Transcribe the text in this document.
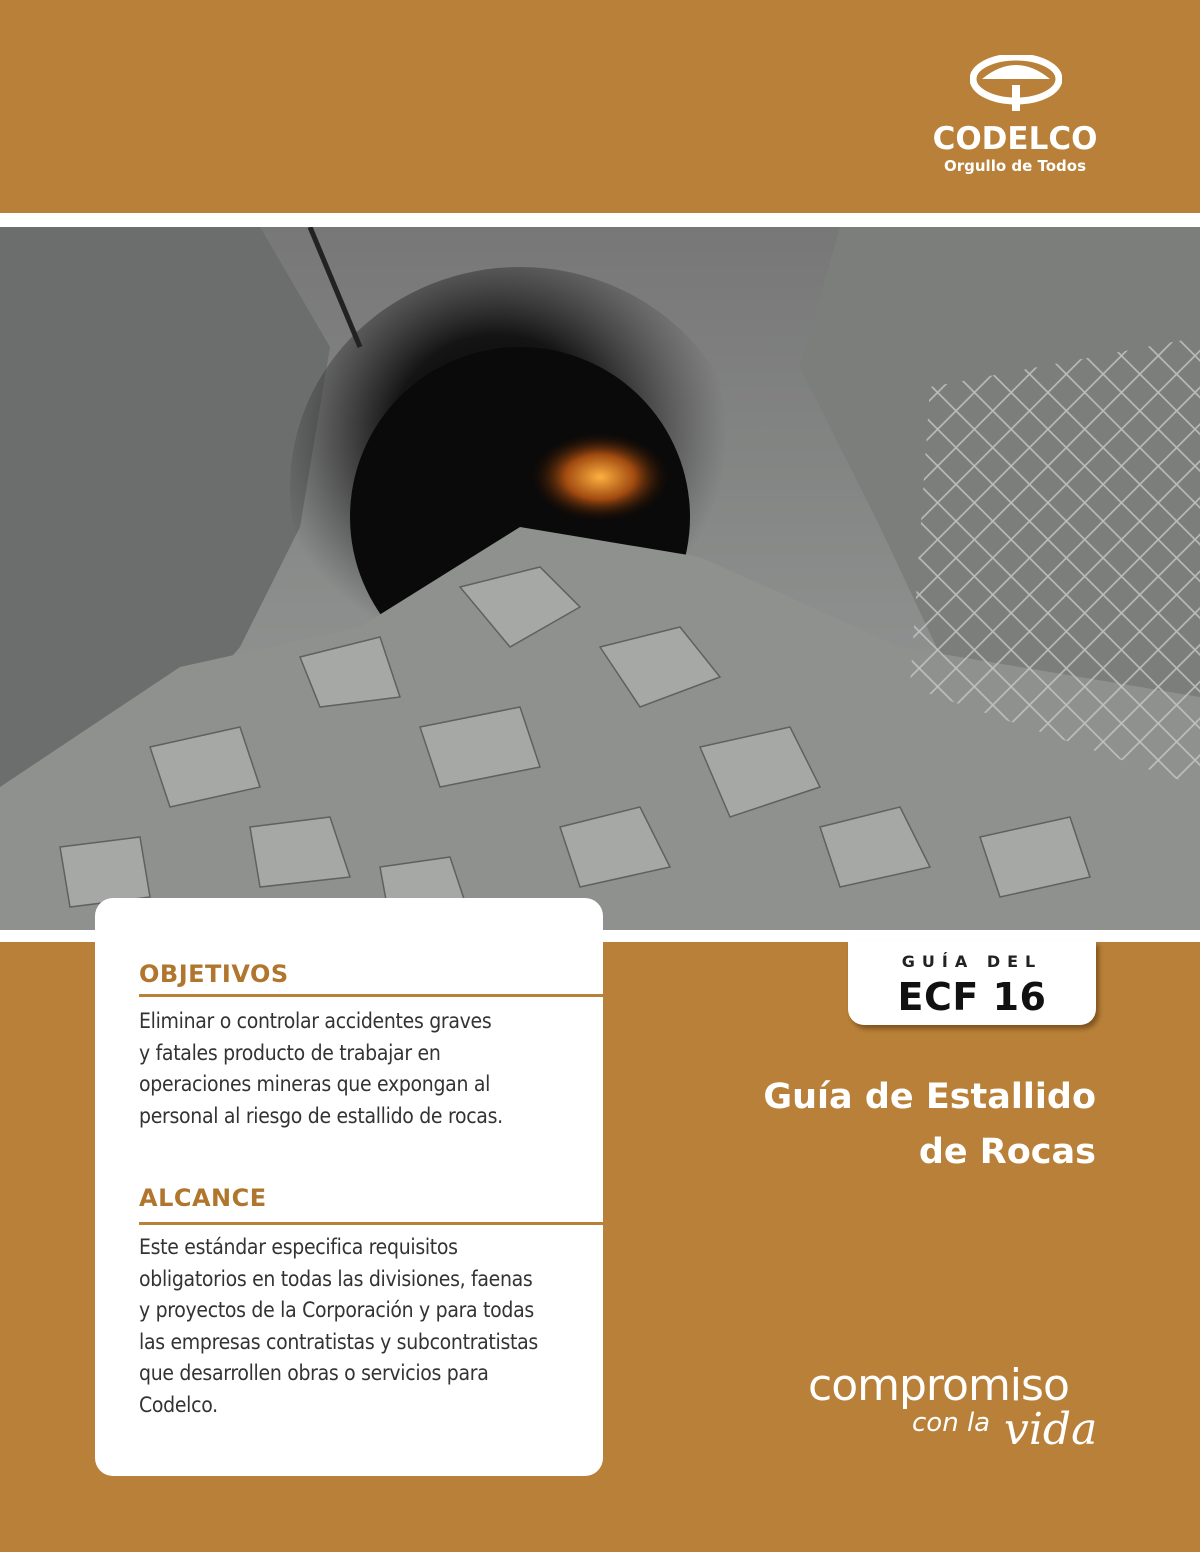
CODELCO
Orgullo de Todos
OBJETIVOS
Eliminar o controlar accidentes graves
y fatales producto de trabajar en
operaciones mineras que expongan al
personal al riesgo de estallido de rocas.
ALCANCE
Este estándar especifica requisitos
obligatorios en todas las divisiones, faenas
y proyectos de la Corporación y para todas
las empresas contratistas y subcontratistas
que desarrollen obras o servicios para
Codelco.
GUÍA DEL
ECF 16
Guía de Estallido
de Rocas
compromiso
con la vida
